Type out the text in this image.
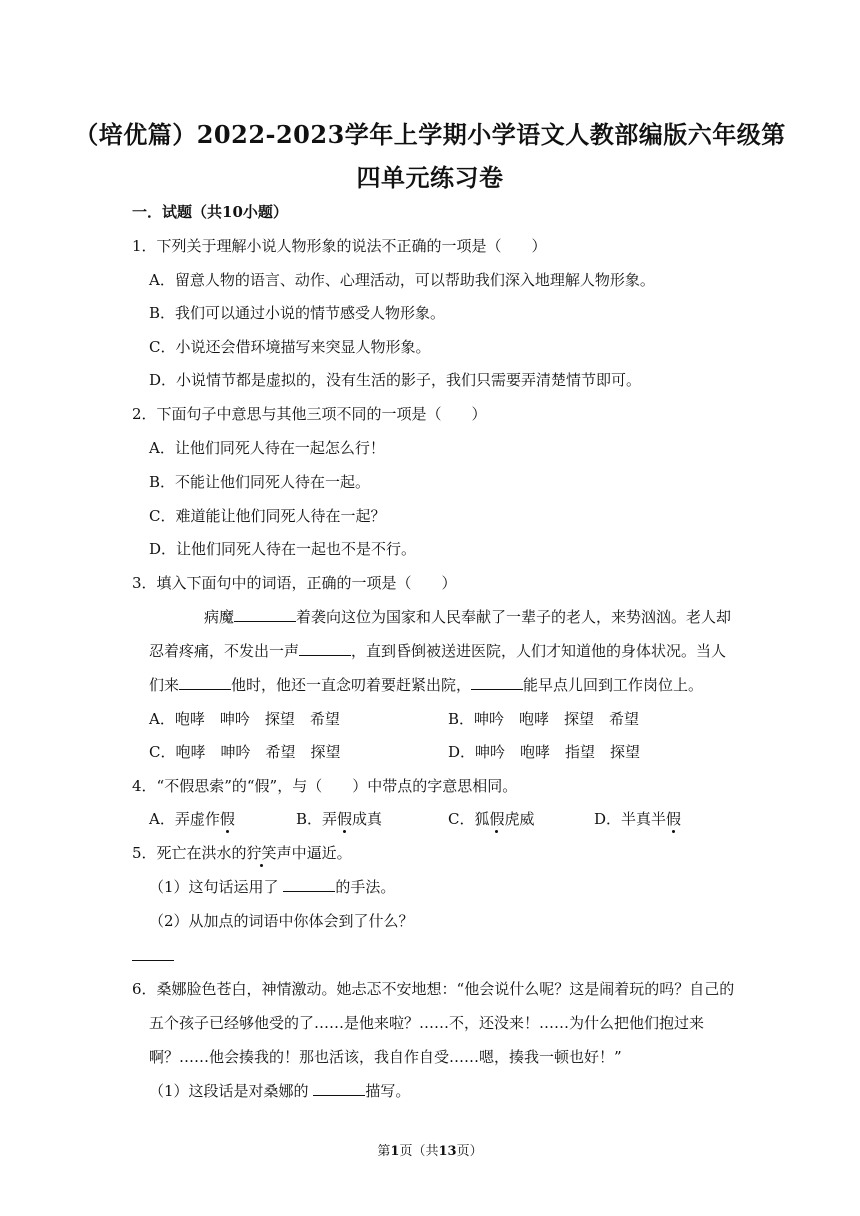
（培优篇）2022-2023学年上学期小学语文人教部编版六年级第
四单元练习卷
一．试题（共10小题）
1．下列关于理解小说人物形象的说法不正确的一项是（　　）
A．留意人物的语言、动作、心理活动，可以帮助我们深入地理解人物形象。
B．我们可以通过小说的情节感受人物形象。
C．小说还会借环境描写来突显人物形象。
D．小说情节都是虚拟的，没有生活的影子，我们只需要弄清楚情节即可。
2．下面句子中意思与其他三项不同的一项是（　　）
A．让他们同死人待在一起怎么行！
B．不能让他们同死人待在一起。
C．难道能让他们同死人待在一起？
D．让他们同死人待在一起也不是不行。
3．填入下面句中的词语，正确的一项是（　　）
病魔	着袭向这位为国家和人民奉献了一辈子的老人，来势汹汹。老人却
忍着疼痛，不发出一声	，直到昏倒被送进医院，人们才知道他的身体状况。当人
们来	他时，他还一直念叨着要赶紧出院，	能早点儿回到工作岗位上。
A．咆哮　呻吟　探望　希望	B．呻吟　咆哮　探望　希望
C．咆哮　呻吟　希望　探望	D．呻吟　咆哮　指望　探望
4．“不假思索”的“假”，与（　　）中带点的字意思相同。
A．弄虚作假	B．弄假成真	C．狐假虎威	D．半真半假
5．死亡在洪水的狞笑声中逼近。
（1）这句话运用了	的手法。
（2）从加点的词语中你体会到了什么？
6．桑娜脸色苍白，神情激动。她忐忑不安地想：“他会说什么呢？这是闹着玩的吗？自己的
五个孩子已经够他受的了……是他来啦？……不，还没来！……为什么把他们抱过来
啊？……他会揍我的！那也活该，我自作自受……嗯，揍我一顿也好！”
（1）这段话是对桑娜的	描写。
第1页（共13页）
